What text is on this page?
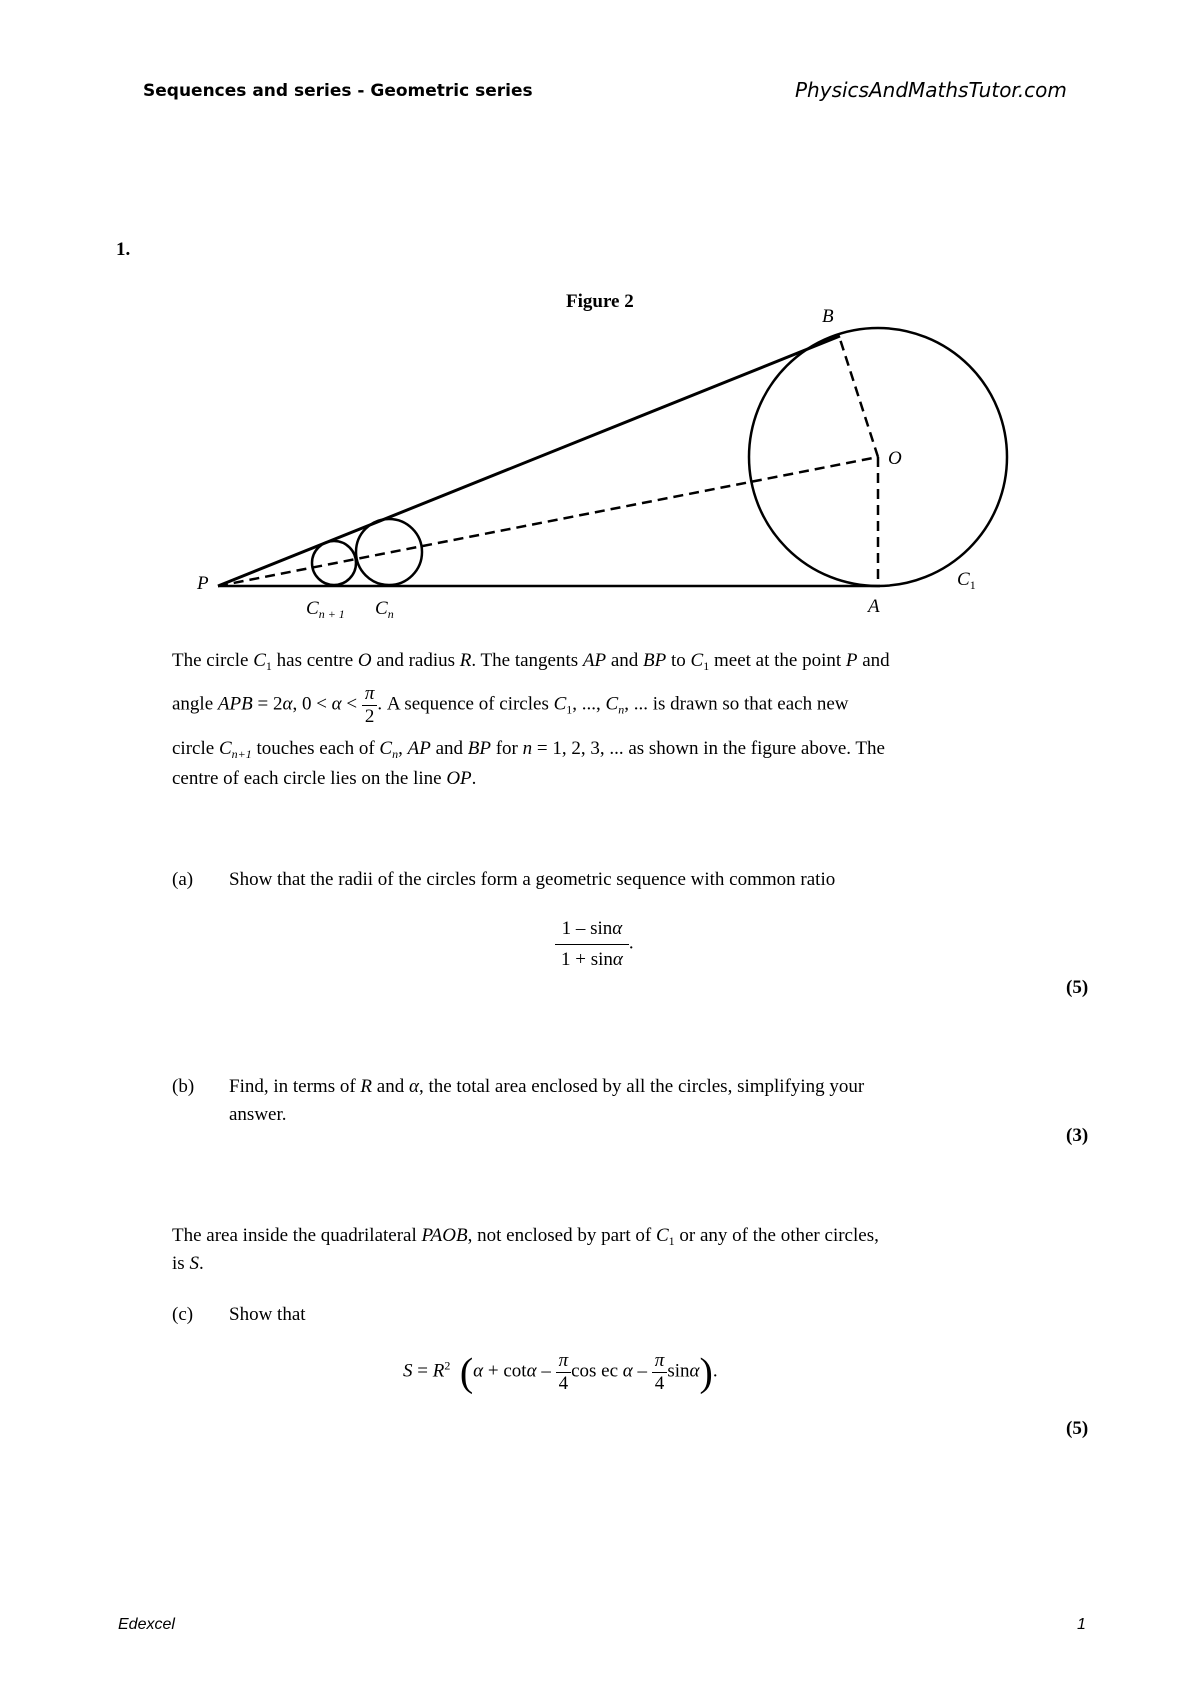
Sequences and series - Geometric series	PhysicsAndMathsTutor.com
1.
Figure 2
P
A
B
O
$C_1$
$C_{n + 1}$ $C_n$
The circle $C_1$ has centre O and radius R. The tangents AP and BP to $C_1$ meet at the point P and
angle APB = 2α, $0 < \alpha < \frac{\pi}{2}$ . A sequence of circles $C_1$, ..., $C_n$, ... is drawn so that each new
circle $C_{n+1}$ touches each of $C_n$, AP and BP for n = 1, 2, 3, ... as shown in the figure above. The
centre of each circle lies on the line OP.
(a) Show that the radii of the circles form a geometric sequence with common ratio
$\frac{1 - \sin\alpha}{1 + \sin\alpha}$ .
(5)
(b) Find, in terms of R and α, the total area enclosed by all the circles, simplifying your
answer.
(3)
The area inside the quadrilateral PAOB, not enclosed by part of $C_1$ or any of the other circles,
is S.
(c) Show that
$S = R^2$ ($\alpha + \cot\alpha - \frac{\pi}{4}$ cos ec α – $\frac{\pi}{4} \sin\alpha$).
(5)
Edexcel	1
